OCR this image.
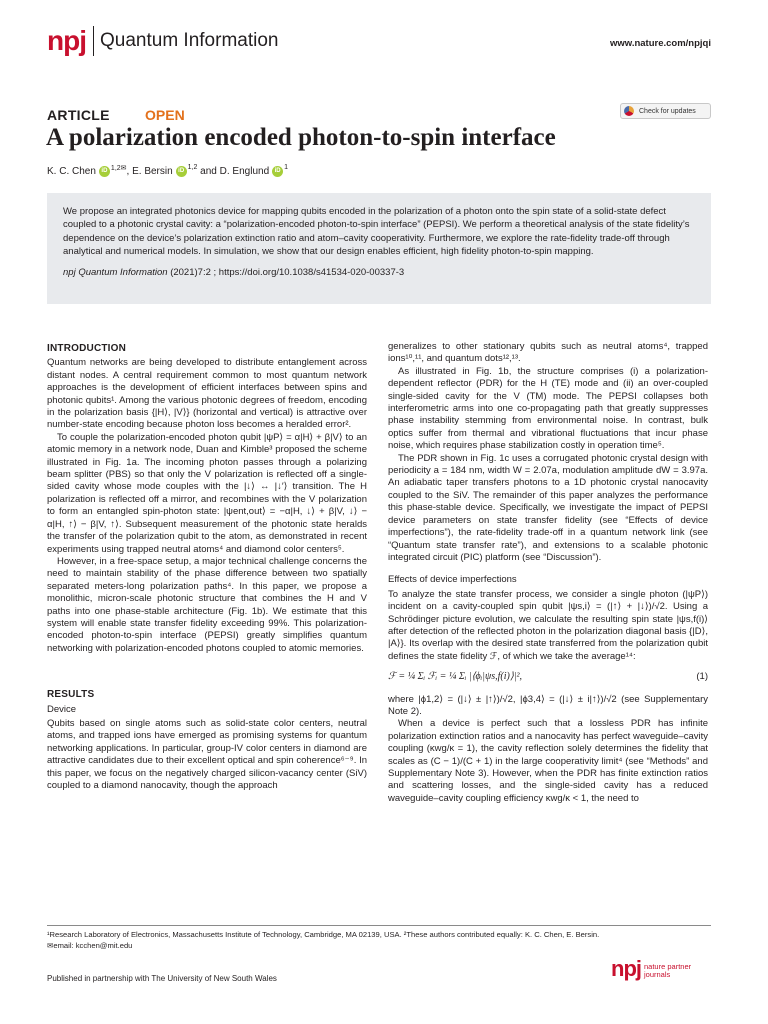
npj Quantum Information	www.nature.com/npjqi
ARTICLE	OPEN	Check for updates
A polarization encoded photon-to-spin interface
K. C. Chen iD 1,2✉ , E. Bersin iD 1,2 and D. Englund iD 1

We propose an integrated photonics device for mapping qubits encoded in the polarization of a photon onto the spin state of a solid-state defect coupled to a photonic crystal cavity: a “polarization-encoded photon-to-spin interface” (PEPSI). We perform a theoretical analysis of the state fidelity’s dependence on the device’s polarization extinction ratio and atom–cavity cooperativity. Furthermore, we explore the rate-fidelity trade-off through analytical and numerical models. In simulation, we show that our design enables efficient, high fidelity photon-to-spin mapping.

npj Quantum Information (2021)7:2 ; https://doi.org/10.1038/s41534-020-00337-3

INTRODUCTION

Quantum networks are being developed to distribute entanglement across distant nodes. A central requirement common to most quantum network approaches is the development of efficient interfaces between spins and photonic qubits¹. Among the various photonic degrees of freedom, encoding in the polarization basis {|H⟩, |V⟩} (horizontal and vertical) is attractive over number-state encoding because photon loss becomes a heralded error².

To couple the polarization-encoded photon qubit |ψP⟩ = α|H⟩ + β|V⟩ to an atomic memory in a network node, Duan and Kimble³ proposed the scheme illustrated in Fig. 1a. The incoming photon passes through a polarizing beam splitter (PBS) so that only the V polarization is reflected off a single-sided cavity whose mode couples with the |↓⟩ ↔ |↓′⟩ transition. The H polarization is reflected off a mirror, and recombines with the V polarization to form an entangled spin-photon state: |ψent,out⟩ = −α|H, ↓⟩ + β|V, ↓⟩ − α|H, ↑⟩ − β|V, ↑⟩. Subsequent measurement of the photonic state heralds the transfer of the polarization qubit to the atom, as demonstrated in recent experiments using trapped neutral atoms⁴ and diamond color centers⁵.

However, in a free-space setup, a major technical challenge concerns the need to maintain stability of the phase difference between two spatially separated meters-long polarization paths⁴. In this paper, we propose a monolithic, micron-scale photonic structure that combines the H and V paths into one phase-stable architecture (Fig. 1b). We estimate that this system will enable state transfer fidelity exceeding 99%. This polarization-encoded photon-to-spin interface (PEPSI) greatly simplifies quantum networking with polarization-encoded photons coupled to atomic memories.

RESULTS
Device

Qubits based on single atoms such as solid-state color centers, neutral atoms, and trapped ions have emerged as promising systems for quantum networking applications. In particular, group-IV color centers in diamond are attractive candidates due to their excellent optical and spin coherence⁶⁻⁹. In this paper, we focus on the negatively charged silicon-vacancy center (SiV) coupled to a diamond nanocavity, though the approach

generalizes to other stationary qubits such as neutral atoms⁴, trapped ions¹⁰,¹¹, and quantum dots¹²,¹³.

As illustrated in Fig. 1b, the structure comprises (i) a polarization-dependent reflector (PDR) for the H (TE) mode and (ii) an over-coupled single-sided cavity for the V (TM) mode. The PEPSI collapses both interferometric arms into one co-propagating path that greatly suppresses phase instability stemming from environmental noise. In contrast, bulk optics suffer from thermal and vibrational fluctuations that incur phase noise, which requires phase stabilization costly in operation time⁵.

The PDR shown in Fig. 1c uses a corrugated photonic crystal design with periodicity a = 184 nm, width W = 2.07a, modulation amplitude dW = 3.97a. An adiabatic taper transfers photons to a 1D photonic crystal nanocavity coupled to the SiV. The remainder of this paper analyzes the performance this phase-stable device. Specifically, we investigate the impact of PEPSI device parameters on state transfer fidelity (see “Effects of device imperfections”), the rate-fidelity trade-off in a quantum network link (see “Quantum state transfer rate”), and extensions to a scalable photonic integrated circuit (PIC) platform (see “Discussion”).

Effects of device imperfections

To analyze the state transfer process, we consider a single photon (|ψP⟩) incident on a cavity-coupled spin qubit |ψs,i⟩ = (|↑⟩ + |↓⟩)/√2. Using a Schrödinger picture evolution, we calculate the resulting spin state |ψs,f(i)⟩ after detection of the reflected photon in the polarization diagonal basis {|D⟩, |A⟩}. Its overlap with the desired state transferred from the polarization qubit defines the state fidelity ℱ, of which we take the average¹⁴:

ℱ = ¼ Σᵢ ℱᵢ = ¼ Σᵢ |⟨ϕᵢ|ψs,f(i)⟩|²,	(1)

where |ϕ1,2⟩ = (|↓⟩ ± |↑⟩)/√2, |ϕ3,4⟩ = (|↓⟩ ± i|↑⟩)/√2 (see Supplementary Note 2).

When a device is perfect such that a lossless PDR has infinite polarization extinction ratios and a nanocavity has perfect waveguide–cavity coupling (κwg/κ = 1), the cavity reflection solely determines the fidelity that scales as (C − 1)/(C + 1) in the large cooperativity limit⁴ (see “Methods” and Supplementary Note 3). However, when the PDR has finite extinction ratios and scattering losses, and the single-sided cavity has a reduced waveguide–cavity coupling efficiency κwg/κ < 1, the need to

¹Research Laboratory of Electronics, Massachusetts Institute of Technology, Cambridge, MA 02139, USA. ²These authors contributed equally: K. C. Chen, E. Bersin.
✉email: kcchen@mit.edu
Published in partnership with The University of New South Wales	npj nature partner
journals
